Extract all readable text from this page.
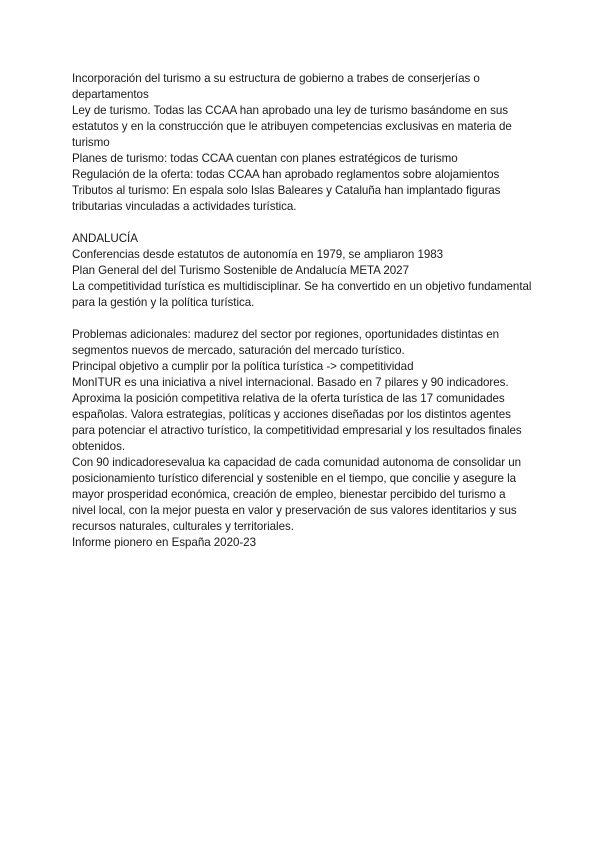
Incorporación del turismo a su estructura de gobierno a trabes de conserjerías o departamentos

Ley de turismo. Todas las CCAA han aprobado una ley de turismo basándome en sus estatutos y en la construcción que le atribuyen competencias exclusivas en materia de turismo

Planes de turismo: todas CCAA cuentan con planes estratégicos de turismo

Regulación de la oferta: todas CCAA han aprobado reglamentos sobre alojamientos

Tributos al turismo: En espala solo Islas Baleares y Cataluña han implantado figuras tributarias vinculadas a actividades turística.

ANDALUCÍA

Conferencias desde estatutos de autonomía en 1979, se ampliaron 1983

Plan General del del Turismo Sostenible de Andalucía META 2027

La competitividad turística es multidisciplinar. Se ha convertido en un objetivo fundamental para la gestión y la política turística.

Problemas adicionales: madurez del sector por regiones, oportunidades distintas en segmentos nuevos de mercado, saturación del mercado turístico.

Principal objetivo a cumplir por la política turística -> competitividad

MonITUR es una iniciativa a nivel internacional. Basado en 7 pilares y 90 indicadores. Aproxima la posición competitiva relativa de la oferta turística de las 17 comunidades españolas. Valora estrategias, políticas y acciones diseñadas por los distintos agentes para potenciar el atractivo turístico, la competitividad empresarial y los resultados finales obtenidos.

Con 90 indicadoresevalua ka capacidad de cada comunidad autonoma de consolidar un posicionamiento turístico diferencial y sostenible en el tiempo, que concilie y asegure la mayor prosperidad económica, creación de empleo, bienestar percibido del turismo a nivel local, con la mejor puesta en valor y preservación de sus valores identitarios y sus recursos naturales, culturales y territoriales.

Informe pionero en España 2020-23
